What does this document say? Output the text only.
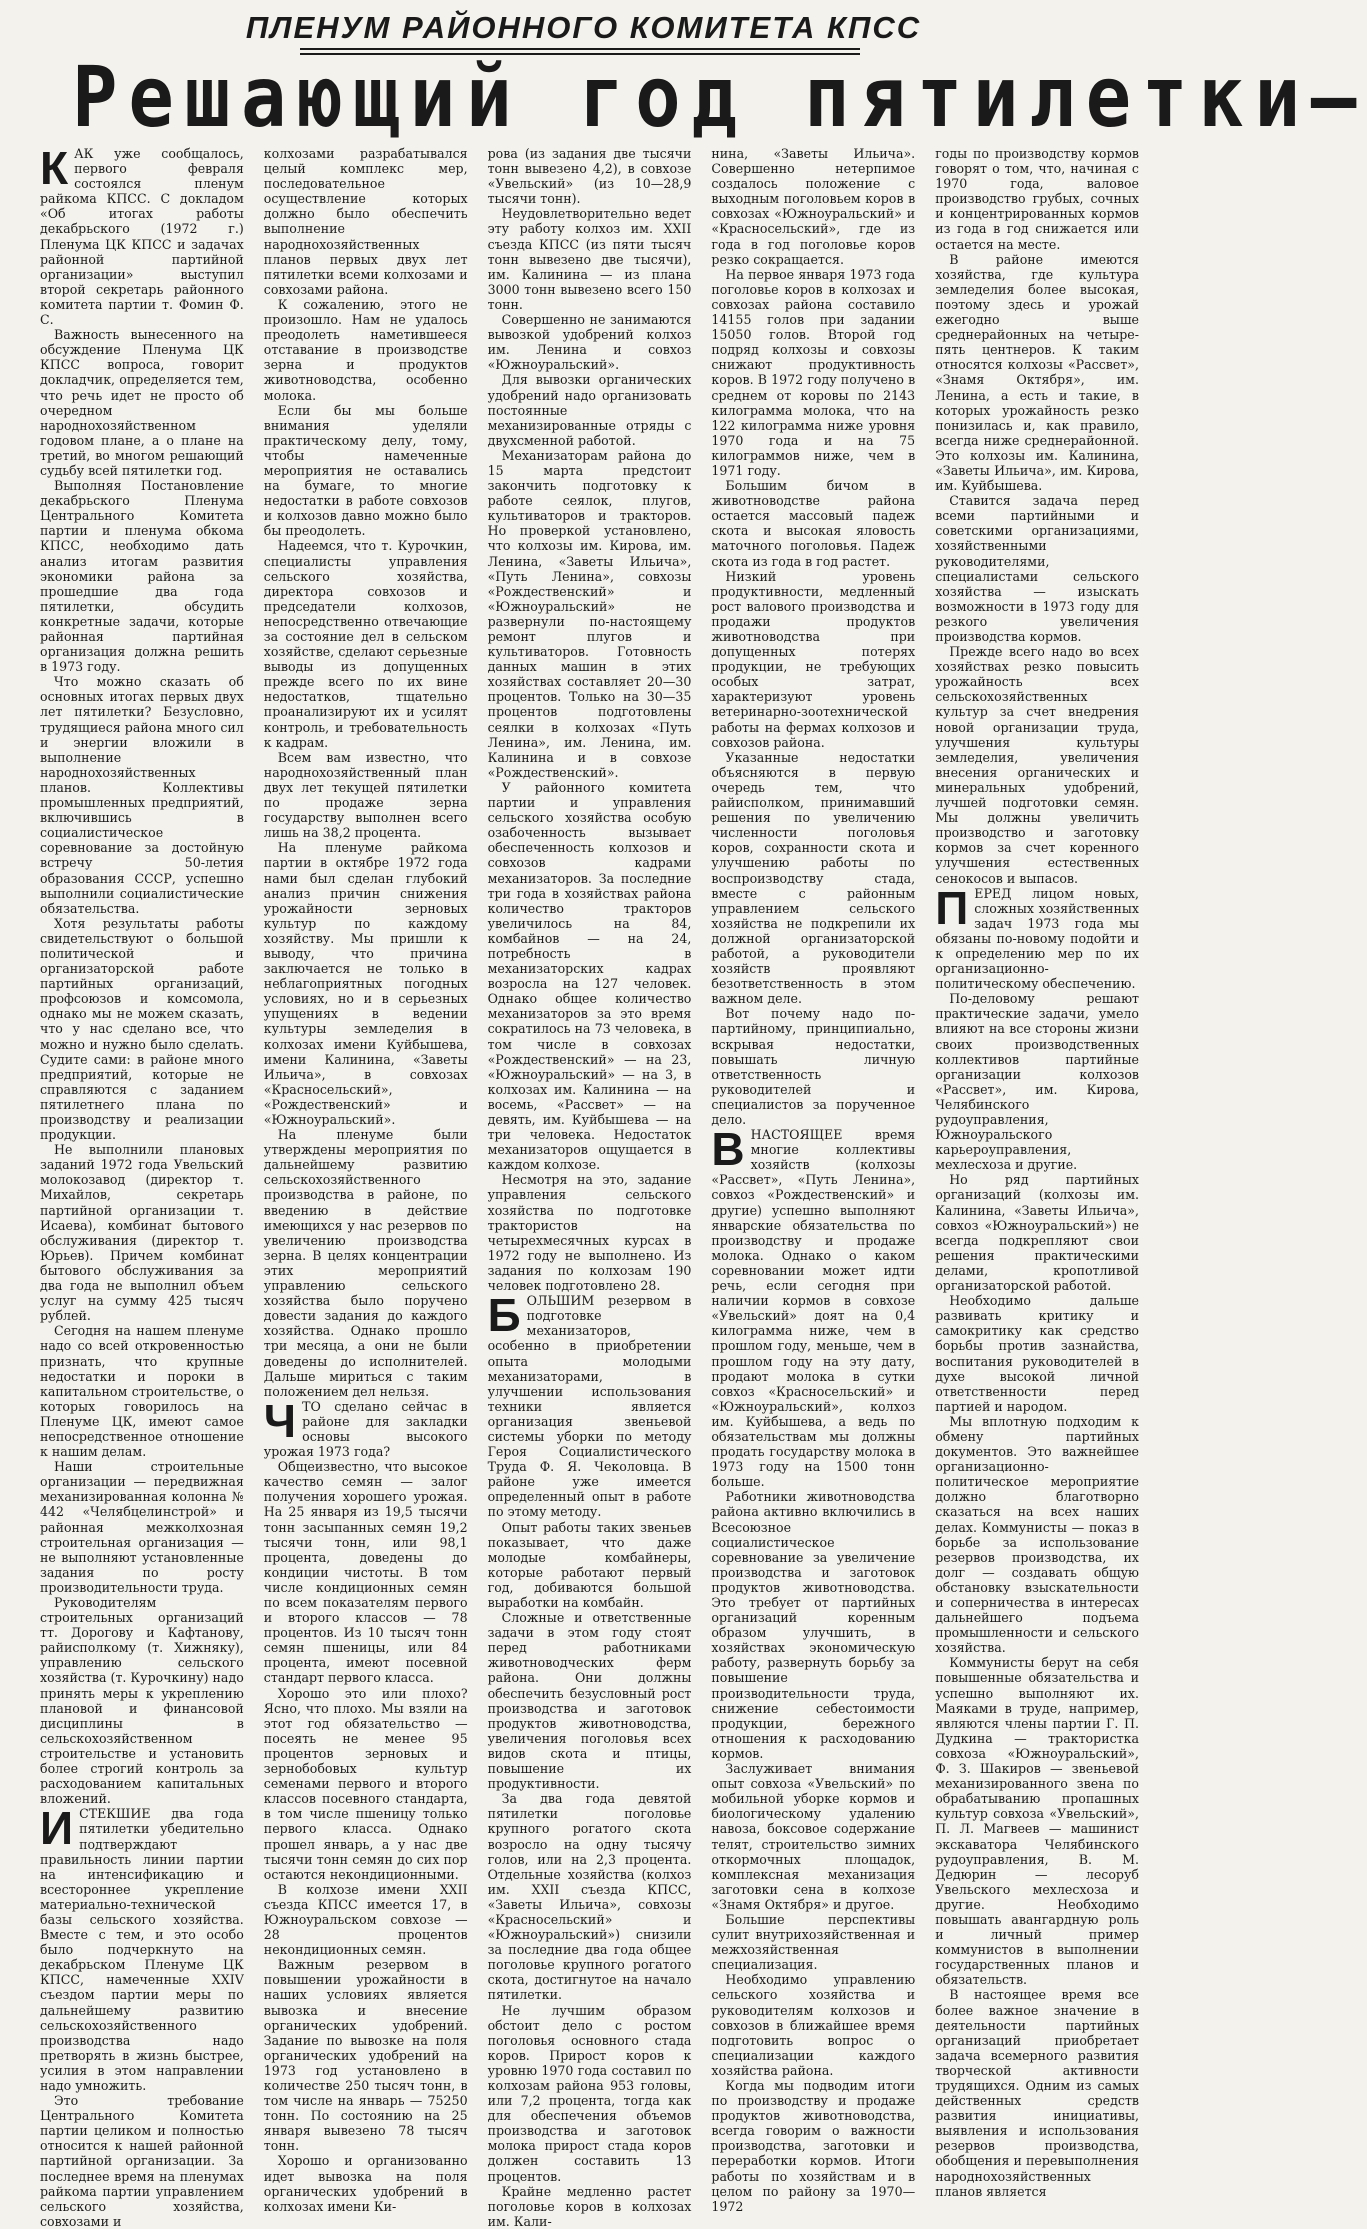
ПЛЕНУМ РАЙОННОГО КОМИТЕТА КПСС
Решающий год пятилетки—

КАК уже сообщалось, первого февраля состоялся пленум райкома КПСС. С докладом «Об итогах работы декабрьского (1972 г.) Пленума ЦК КПСС и задачах районной партийной организации» выступил второй секретарь районного комитета партии т. Фомин Ф. С.

Важность вынесенного на обсуждение Пленума ЦК КПСС вопроса, говорит докладчик, определяется тем, что речь идет не просто об очередном народнохозяйственном годовом плане, а о плане на третий, во многом решающий судьбу всей пятилетки год.

Выполняя Постановление декабрьского Пленума Центрального Комитета партии и пленума обкома КПСС, необходимо дать анализ итогам развития экономики района за прошедшие два года пятилетки, обсудить конкретные задачи, которые районная партийная организация должна решить в 1973 году.

Что можно сказать об основных итогах первых двух лет пятилетки? Безусловно, трудящиеся района много сил и энергии вложили в выполнение народнохозяйственных планов. Коллективы промышленных предприятий, включившись в социалистическое соревнование за достойную встречу 50-летия образования СССР, успешно выполнили социалистические обязательства.

Хотя результаты работы свидетельствуют о большой политической и организаторской работе партийных организаций, профсоюзов и комсомола, однако мы не можем сказать, что у нас сделано все, что можно и нужно было сделать. Судите сами: в районе много предприятий, которые не справляются с заданием пятилетнего плана по производству и реализации продукции.

Не выполнили плановых заданий 1972 года Увельский молокозавод (директор т. Михайлов, секретарь партийной организации т. Исаева), комбинат бытового обслуживания (директор т. Юрьев). Причем комбинат бытового обслуживания за два года не выполнил объем услуг на сумму 425 тысяч рублей.

Сегодня на нашем пленуме надо со всей откровенностью признать, что крупные недостатки и пороки в капитальном строительстве, о которых говорилось на Пленуме ЦК, имеют самое непосредственное отношение к нашим делам.

Наши строительные организации — передвижная механизированная колонна № 442 «Челябцелинстрой» и районная межколхозная строительная организация — не выполняют установленные задания по росту производительности труда.

Руководителям строительных организаций тт. Дорогову и Кафтанову, райисполкому (т. Хижняку), управлению сельского хозяйства (т. Курочкину) надо принять меры к укреплению плановой и финансовой дисциплины в сельскохозяйственном строительстве и установить более строгий контроль за расходованием капитальных вложений.

ИСТЕКШИЕ два года пятилетки убедительно подтверждают правильность линии партии на интенсификацию и всестороннее укрепление материально-технической базы сельского хозяйства. Вместе с тем, и это особо было подчеркнуто на декабрьском Пленуме ЦК КПСС, намеченные XXIV съездом партии меры по дальнейшему развитию сельскохозяйственного производства надо претворять в жизнь быстрее, усилия в этом направлении надо умножить.

Это требование Центрального Комитета партии целиком и полностью относится к нашей районной партийной организации. За последнее время на пленумах райкома партии управлением сельского хозяйства, совхозами и

колхозами разрабатывался целый комплекс мер, последовательное осуществление которых должно было обеспечить выполнение народнохозяйственных планов первых двух лет пятилетки всеми колхозами и совхозами района.

К сожалению, этого не произошло. Нам не удалось преодолеть наметившееся отставание в производстве зерна и продуктов животноводства, особенно молока.

Если бы мы больше внимания уделяли практическому делу, тому, чтобы намеченные мероприятия не оставались на бумаге, то многие недостатки в работе совхозов и колхозов давно можно было бы преодолеть.

Надеемся, что т. Курочкин, специалисты управления сельского хозяйства, директора совхозов и председатели колхозов, непосредственно отвечающие за состояние дел в сельском хозяйстве, сделают серьезные выводы из допущенных прежде всего по их вине недостатков, тщательно проанализируют их и усилят контроль, и требовательность к кадрам.

Всем вам известно, что народнохозяйственный план двух лет текущей пятилетки по продаже зерна государству выполнен всего лишь на 38,2 процента.

На пленуме райкома партии в октябре 1972 года нами был сделан глубокий анализ причин снижения урожайности зерновых культур по каждому хозяйству. Мы пришли к выводу, что причина заключается не только в неблагоприятных погодных условиях, но и в серьезных упущениях в ведении культуры земледелия в колхозах имени Куйбышева, имени Калинина, «Заветы Ильича», в совхозах «Красносельский», «Рождественский» и «Южноуральский».

На пленуме были утверждены мероприятия по дальнейшему развитию сельскохозяйственного производства в районе, по введению в действие имеющихся у нас резервов по увеличению производства зерна. В целях концентрации этих мероприятий управлению сельского хозяйства было поручено довести задания до каждого хозяйства. Однако прошло три месяца, а они не были доведены до исполнителей. Дальше мириться с таким положением дел нельзя.

ЧТО сделано сейчас в районе для закладки основы высокого урожая 1973 года?

Общеизвестно, что высокое качество семян — залог получения хорошего урожая. На 25 января из 19,5 тысячи тонн засыпанных семян 19,2 тысячи тонн, или 98,1 процента, доведены до кондиции чистоты. В том числе кондиционных семян по всем показателям первого и второго классов — 78 процентов. Из 10 тысяч тонн семян пшеницы, или 84 процента, имеют посевной стандарт первого класса.

Хорошо это или плохо? Ясно, что плохо. Мы взяли на этот год обязательство — посеять не менее 95 процентов зерновых и зернобобовых культур семенами первого и второго классов посевного стандарта, в том числе пшеницу только первого класса. Однако прошел январь, а у нас две тысячи тонн семян до сих пор остаются некондиционными.

В колхозе имени XXII съезда КПСС имеется 17, в Южноуральском совхозе — 28 процентов некондиционных семян.

Важным резервом в повышении урожайности в наших условиях является вывозка и внесение органических удобрений. Задание по вывозке на поля органических удобрений на 1973 год установлено в количестве 250 тысяч тонн, в том числе на январь — 75250 тонн. По состоянию на 25 января вывезено 78 тысяч тонн.

Хорошо и организованно идет вывозка на поля органических удобрений в колхозах имени Ки-

рова (из задания две тысячи тонн вывезено 4,2), в совхозе «Увельский» (из 10—28,9 тысячи тонн).

Неудовлетворительно ведет эту работу колхоз им. XXII съезда КПСС (из пяти тысяч тонн вывезено две тысячи), им. Калинина — из плана 3000 тонн вывезено всего 150 тонн.

Совершенно не занимаются вывозкой удобрений колхоз им. Ленина и совхоз «Южноуральский».

Для вывозки органических удобрений надо организовать постоянные механизированные отряды с двухсменной работой.

Механизаторам района до 15 марта предстоит закончить подготовку к работе сеялок, плугов, культиваторов и тракторов. Но проверкой установлено, что колхозы им. Кирова, им. Ленина, «Заветы Ильича», «Путь Ленина», совхозы «Рождественский» и «Южноуральский» не развернули по-настоящему ремонт плугов и культиваторов. Готовность данных машин в этих хозяйствах составляет 20—30 процентов. Только на 30—35 процентов подготовлены сеялки в колхозах «Путь Ленина», им. Ленина, им. Калинина и в совхозе «Рождественский».

У районного комитета партии и управления сельского хозяйства особую озабоченность вызывает обеспеченность колхозов и совхозов кадрами механизаторов. За последние три года в хозяйствах района количество тракторов увеличилось на 84, комбайнов — на 24, потребность в механизаторских кадрах возросла на 127 человек. Однако общее количество механизаторов за это время сократилось на 73 человека, в том числе в совхозах «Рождественский» — на 23, «Южноуральский» — на 3, в колхозах им. Калинина — на восемь, «Рассвет» — на девять, им. Куйбышева — на три человека. Недостаток механизаторов ощущается в каждом колхозе.

Несмотря на это, задание управления сельского хозяйства по подготовке трактористов на четырехмесячных курсах в 1972 году не выполнено. Из задания по колхозам 190 человек подготовлено 28.

БОЛЬШИМ резервом в подготовке механизаторов, особенно в приобретении опыта молодыми механизаторами, в улучшении использования техники является организация звеньевой системы уборки по методу Героя Социалистического Труда Ф. Я. Чеколовца. В районе уже имеется определенный опыт в работе по этому методу.

Опыт работы таких звеньев показывает, что даже молодые комбайнеры, которые работают первый год, добиваются большой выработки на комбайн.

Сложные и ответственные задачи в этом году стоят перед работниками животноводческих ферм района. Они должны обеспечить безусловный рост производства и заготовок продуктов животноводства, увеличения поголовья всех видов скота и птицы, повышение их продуктивности.

За два года девятой пятилетки поголовье крупного рогатого скота возросло на одну тысячу голов, или на 2,3 процента. Отдельные хозяйства (колхоз им. XXII съезда КПСС, «Заветы Ильича», совхозы «Красносельский» и «Южноуральский») снизили за последние два года общее поголовье крупного рогатого скота, достигнутое на начало пятилетки.

Не лучшим образом обстоит дело с ростом поголовья основного стада коров. Прирост коров к уровню 1970 года составил по колхозам района 953 головы, или 7,2 процента, тогда как для обеспечения объемов производства и заготовок молока прирост стада коров должен составить 13 процентов.

Крайне медленно растет поголовье коров в колхозах им. Кали-

нина, «Заветы Ильича». Совершенно нетерпимое создалось положение с выходным поголовьем коров в совхозах «Южноуральский» и «Красносельский», где из года в год поголовье коров резко сокращается.

На первое января 1973 года поголовье коров в колхозах и совхозах района составило 14155 голов при задании 15050 голов. Второй год подряд колхозы и совхозы снижают продуктивность коров. В 1972 году получено в среднем от коровы по 2143 килограмма молока, что на 122 килограмма ниже уровня 1970 года и на 75 килограммов ниже, чем в 1971 году.

Большим бичом в животноводстве района остается массовый падеж скота и высокая яловость маточного поголовья. Падеж скота из года в год растет.

Низкий уровень продуктивности, медленный рост валового производства и продажи продуктов животноводства при допущенных потерях продукции, не требующих особых затрат, характеризуют уровень ветеринарно-зоотехнической работы на фермах колхозов и совхозов района.

Указанные недостатки объясняются в первую очередь тем, что райисполком, принимавший решения по увеличению численности поголовья коров, сохранности скота и улучшению работы по воспроизводству стада, вместе с районным управлением сельского хозяйства не подкрепили их должной организаторской работой, а руководители хозяйств проявляют безответственность в этом важном деле.

Вот почему надо по-партийному, принципиально, вскрывая недостатки, повышать личную ответственность руководителей и специалистов за порученное дело.

ВНАСТОЯЩЕЕ время многие коллективы хозяйств (колхозы «Рассвет», «Путь Ленина», совхоз «Рождественский» и другие) успешно выполняют январские обязательства по производству и продаже молока. Однако о каком соревновании может идти речь, если сегодня при наличии кормов в совхозе «Увельский» доят на 0,4 килограмма ниже, чем в прошлом году, меньше, чем в прошлом году на эту дату, продают молока в сутки совхоз «Красносельский» и «Южноуральский», колхоз им. Куйбышева, а ведь по обязательствам мы должны продать государству молока в 1973 году на 1500 тонн больше.

Работники животноводства района активно включились в Всесоюзное социалистическое соревнование за увеличение производства и заготовок продуктов животноводства. Это требует от партийных организаций коренным образом улучшить, в хозяйствах экономическую работу, развернуть борьбу за повышение производительности труда, снижение себестоимости продукции, бережного отношения к расходованию кормов.

Заслуживает внимания опыт совхоза «Увельский» по мобильной уборке кормов и биологическому удалению навоза, боксовое содержание телят, строительство зимних откормочных площадок, комплексная механизация заготовки сена в колхозе «Знамя Октября» и другое.

Большие перспективы сулит внутрихозяйственная и межхозяйственная специализация.

Необходимо управлению сельского хозяйства и руководителям колхозов и совхозов в ближайшее время подготовить вопрос о специализации каждого хозяйства района.

Когда мы подводим итоги по производству и продаже продуктов животноводства, всегда говорим о важности производства, заготовки и переработки кормов. Итоги работы по хозяйствам и в целом по району за 1970—1972

годы по производству кормов говорят о том, что, начиная с 1970 года, валовое производство грубых, сочных и концентрированных кормов из года в год снижается или остается на месте.

В районе имеются хозяйства, где культура земледелия более высокая, поэтому здесь и урожай ежегодно выше среднерайонных на четыре-пять центнеров. К таким относятся колхозы «Рассвет», «Знамя Октября», им. Ленина, а есть и такие, в которых урожайность резко понизилась и, как правило, всегда ниже среднерайонной. Это колхозы им. Калинина, «Заветы Ильича», им. Кирова, им. Куйбышева.

Ставится задача перед всеми партийными и советскими организациями, хозяйственными руководителями, специалистами сельского хозяйства — изыскать возможности в 1973 году для резкого увеличения производства кормов.

Прежде всего надо во всех хозяйствах резко повысить урожайность всех сельскохозяйственных культур за счет внедрения новой организации труда, улучшения культуры земледелия, увеличения внесения органических и минеральных удобрений, лучшей подготовки семян. Мы должны увеличить производство и заготовку кормов за счет коренного улучшения естественных сенокосов и выпасов.

ПЕРЕД лицом новых, сложных хозяйственных задач 1973 года мы обязаны по-новому подойти и к определению мер по их организационно-политическому обеспечению.

По-деловому решают практические задачи, умело влияют на все стороны жизни своих производственных коллективов партийные организации колхозов «Рассвет», им. Кирова, Челябинского рудоуправления, Южноуральского карьероуправления, мехлесхоза и другие.

Но ряд партийных организаций (колхозы им. Калинина, «Заветы Ильича», совхоз «Южноуральский») не всегда подкрепляют свои решения практическими делами, кропотливой организаторской работой.

Необходимо дальше развивать критику и самокритику как средство борьбы против зазнайства, воспитания руководителей в духе высокой личной ответственности перед партией и народом.

Мы вплотную подходим к обмену партийных документов. Это важнейшее организационно-политическое мероприятие должно благотворно сказаться на всех наших делах. Коммунисты — показ в борьбе за использование резервов производства, их долг — создавать общую обстановку взыскательности и соперничества в интересах дальнейшего подъема промышленности и сельского хозяйства.

Коммунисты берут на себя повышенные обязательства и успешно выполняют их. Маяками в труде, например, являются члены партии Г. П. Дудкина — трактористка совхоза «Южноуральский», Ф. З. Шакиров — звеньевой механизированного звена по обрабатыванию пропашных культур совхоза «Увельский», П. Л. Магвеев — машинист экскаватора Челябинского рудоуправления, В. М. Дедюрин — лесоруб Увельского мехлесхоза и другие. Необходимо повышать авангардную роль и личный пример коммунистов в выполнении государственных планов и обязательств.

В настоящее время все более важное значение в деятельности партийных организаций приобретает задача всемерного развития творческой активности трудящихся. Одним из самых действенных средств развития инициативы, выявления и использования резервов производства, обобщения и перевыполнения народнохозяйственных планов является
